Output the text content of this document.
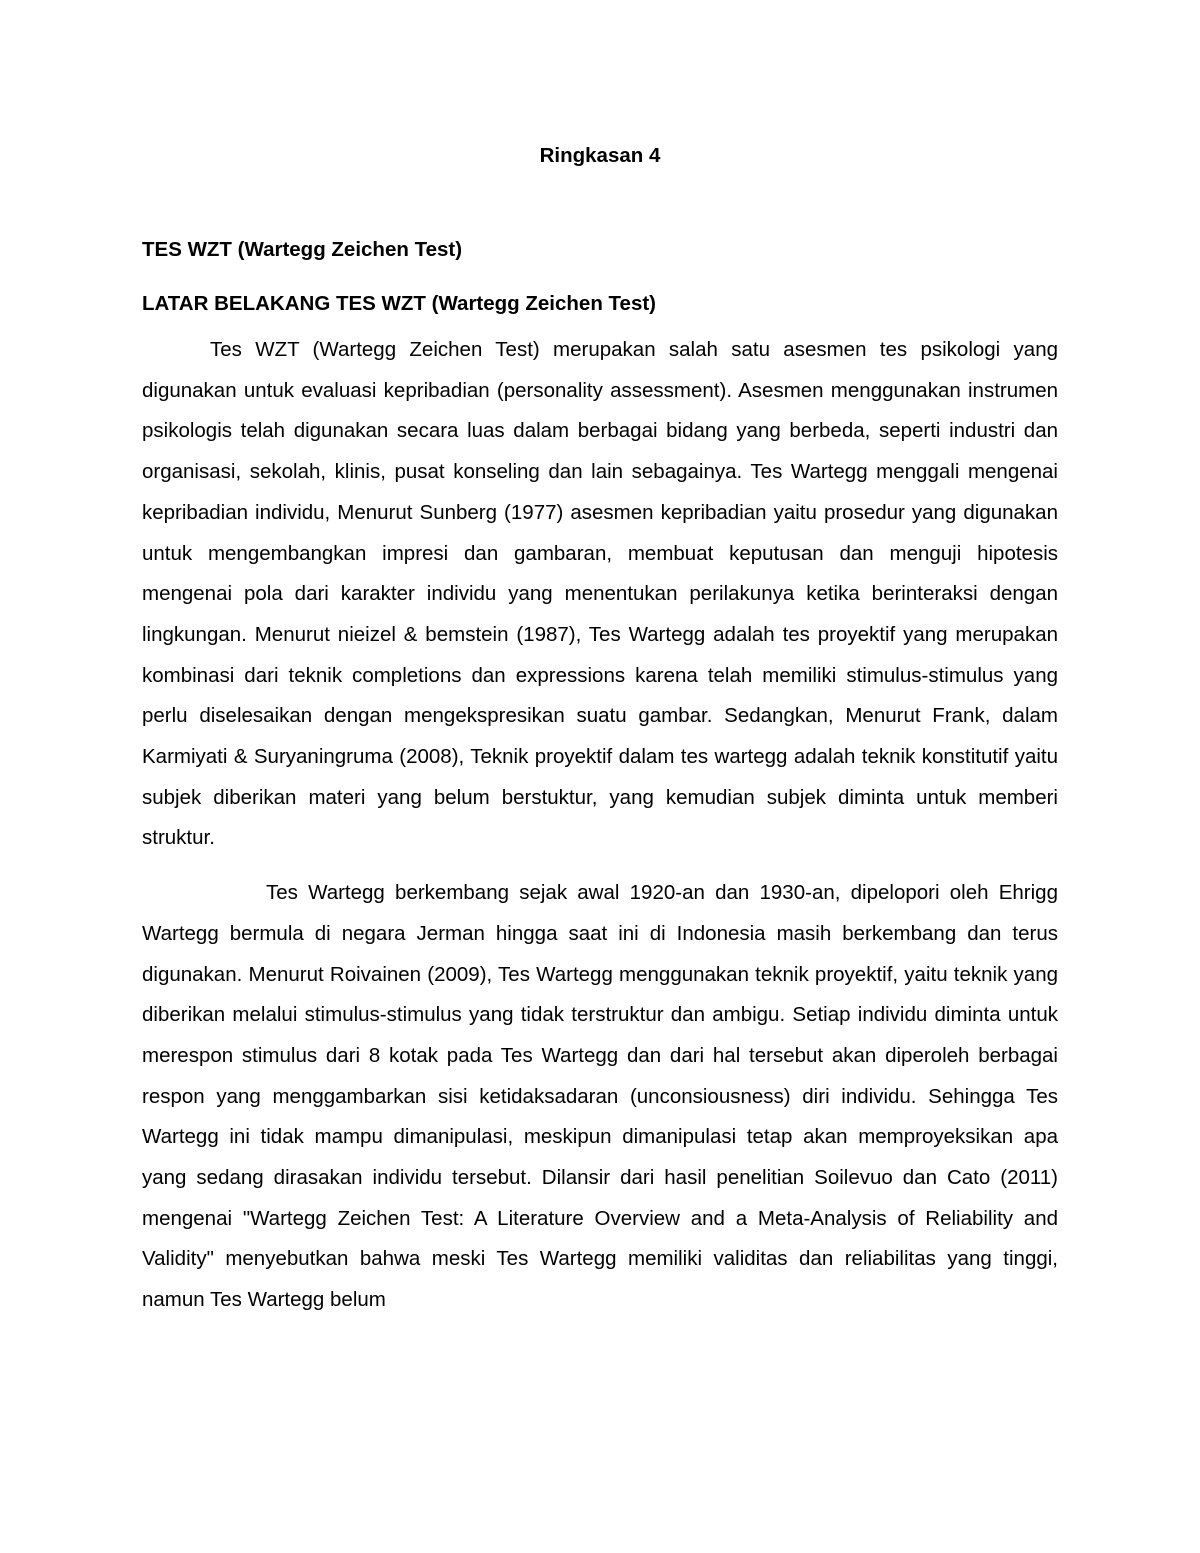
Ringkasan 4

TES WZT (Wartegg Zeichen Test)

LATAR BELAKANG TES WZT (Wartegg Zeichen Test)

Tes WZT (Wartegg Zeichen Test) merupakan salah satu asesmen tes psikologi yang digunakan untuk evaluasi kepribadian (personality assessment). Asesmen menggunakan instrumen psikologis telah digunakan secara luas dalam berbagai bidang yang berbeda, seperti industri dan organisasi, sekolah, klinis, pusat konseling dan lain sebagainya. Tes Wartegg menggali mengenai kepribadian individu, Menurut Sunberg (1977) asesmen kepribadian yaitu prosedur yang digunakan untuk mengembangkan impresi dan gambaran, membuat keputusan dan menguji hipotesis mengenai pola dari karakter individu yang menentukan perilakunya ketika berinteraksi dengan lingkungan. Menurut nieizel & bemstein (1987), Tes Wartegg adalah tes proyektif yang merupakan kombinasi dari teknik completions dan expressions karena telah memiliki stimulus-stimulus yang perlu diselesaikan dengan mengekspresikan suatu gambar. Sedangkan, Menurut Frank, dalam Karmiyati & Suryaningruma (2008), Teknik proyektif dalam tes wartegg adalah teknik konstitutif yaitu subjek diberikan materi yang belum berstuktur, yang kemudian subjek diminta untuk memberi struktur.

Tes Wartegg berkembang sejak awal 1920-an dan 1930-an, dipelopori oleh Ehrigg Wartegg bermula di negara Jerman hingga saat ini di Indonesia masih berkembang dan terus digunakan. Menurut Roivainen (2009), Tes Wartegg menggunakan teknik proyektif, yaitu teknik yang diberikan melalui stimulus-stimulus yang tidak terstruktur dan ambigu. Setiap individu diminta untuk merespon stimulus dari 8 kotak pada Tes Wartegg dan dari hal tersebut akan diperoleh berbagai respon yang menggambarkan sisi ketidaksadaran (unconsiousness) diri individu. Sehingga Tes Wartegg ini tidak mampu dimanipulasi, meskipun dimanipulasi tetap akan memproyeksikan apa yang sedang dirasakan individu tersebut. Dilansir dari hasil penelitian Soilevuo dan Cato (2011) mengenai "Wartegg Zeichen Test: A Literature Overview and a Meta-Analysis of Reliability and Validity" menyebutkan bahwa meski Tes Wartegg memiliki validitas dan reliabilitas yang tinggi, namun Tes Wartegg belum
